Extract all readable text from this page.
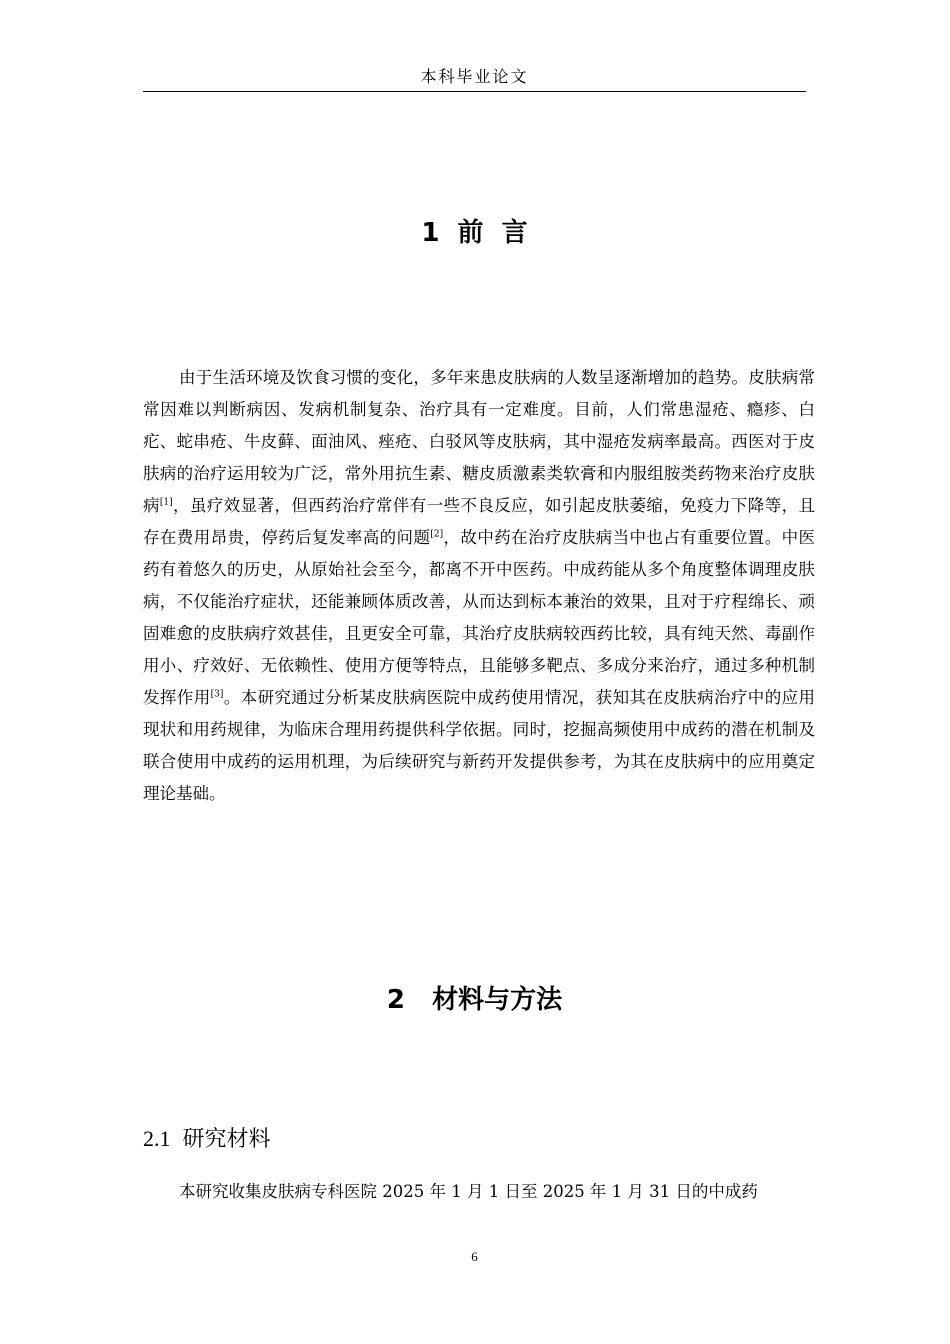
本科毕业论文
1  前  言

由于生活环境及饮食习惯的变化，多年来患皮肤病的人数呈逐渐增加的趋势。皮肤病常常因难以判断病因、发病机制复杂、治疗具有一定难度。目前，人们常患湿疮、瘾疹、白疕、蛇串疮、牛皮藓、面油风、痤疮、白驳风等皮肤病，其中湿疮发病率最高。西医对于皮肤病的治疗运用较为广泛，常外用抗生素、糖皮质激素类软膏和内服组胺类药物来治疗皮肤病[1]，虽疗效显著，但西药治疗常伴有一些不良反应，如引起皮肤萎缩，免疫力下降等，且存在费用昂贵，停药后复发率高的问题[2]，故中药在治疗皮肤病当中也占有重要位置。中医药有着悠久的历史，从原始社会至今，都离不开中医药。中成药能从多个角度整体调理皮肤病，不仅能治疗症状，还能兼顾体质改善，从而达到标本兼治的效果，且对于疗程绵长、顽固难愈的皮肤病疗效甚佳，且更安全可靠，其治疗皮肤病较西药比较，具有纯天然、毒副作用小、疗效好、无依赖性、使用方便等特点，且能够多靶点、多成分来治疗，通过多种机制发挥作用[3]。本研究通过分析某皮肤病医院中成药使用情况，获知其在皮肤病治疗中的应用现状和用药规律，为临床合理用药提供科学依据。同时，挖掘高频使用中成药的潜在机制及联合使用中成药的运用机理，为后续研究与新药开发提供参考，为其在皮肤病中的应用奠定理论基础。

2   材料与方法
2.1 研究材料

本研究收集皮肤病专科医院 2025 年 1 月 1 日至 2025 年 1 月 31 日的中成药

6
